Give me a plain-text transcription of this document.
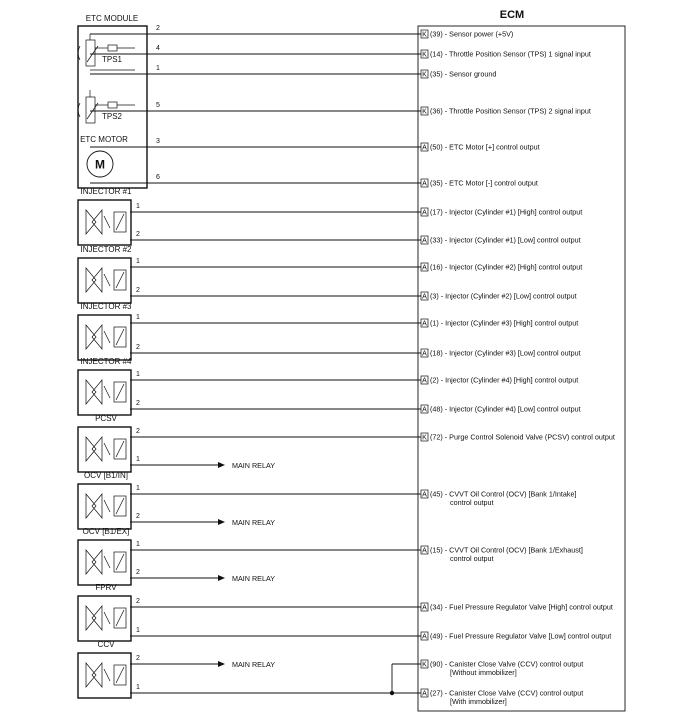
ECM
K (39) - Sensor power (+5V)
K (14) - Throttle Position Sensor (TPS) 1 signal input
K (35) - Sensor ground
K (36) - Throttle Position Sensor (TPS) 2 signal input
A (50) - ETC Motor [+] control output
A (35) - ETC Motor [-] control output
A (17) - Injector (Cylinder #1) [High] control output
A (33) - Injector (Cylinder #1) [Low] control output
A (16) - Injector (Cylinder #2) [High] control output
A (3) - Injector (Cylinder #2) [Low] control output
A (1) - Injector (Cylinder #3) [High] control output
A (18) - Injector (Cylinder #3) [Low] control output
A (2) - Injector (Cylinder #4) [High] control output
A (48) - Injector (Cylinder #4) [Low] control output
K (72) - Purge Control Solenoid Valve (PCSV) control output
A (45) - CVVT Oil Control (OCV) [Bank 1/Intake]
control output
A (15) - CVVT Oil Control (OCV) [Bank 1/Exhaust]
control output
A (34) - Fuel Pressure Regulator Valve [High] control output
A (49) - Fuel Pressure Regulator Valve [Low] control output
K (90) - Canister Close Valve (CCV) control output
[Without immobilizer]
A (27) - Canister Close Valve (CCV) control output
[With immobilizer]
ETC MODULE
TPS1
TPS2
ETC MOTOR
M
2
4
1
5
3
6
INJECTOR #1
1
2
INJECTOR #2
1
2
INJECTOR #3
1
2
INJECTOR #4
1
2
PCSV
2
1
MAIN RELAY
OCV [B1/IN]
1
2
MAIN RELAY
OCV [B1/EX]
1
2
MAIN RELAY
FPRV
2
1
CCV
2
1
MAIN RELAY
